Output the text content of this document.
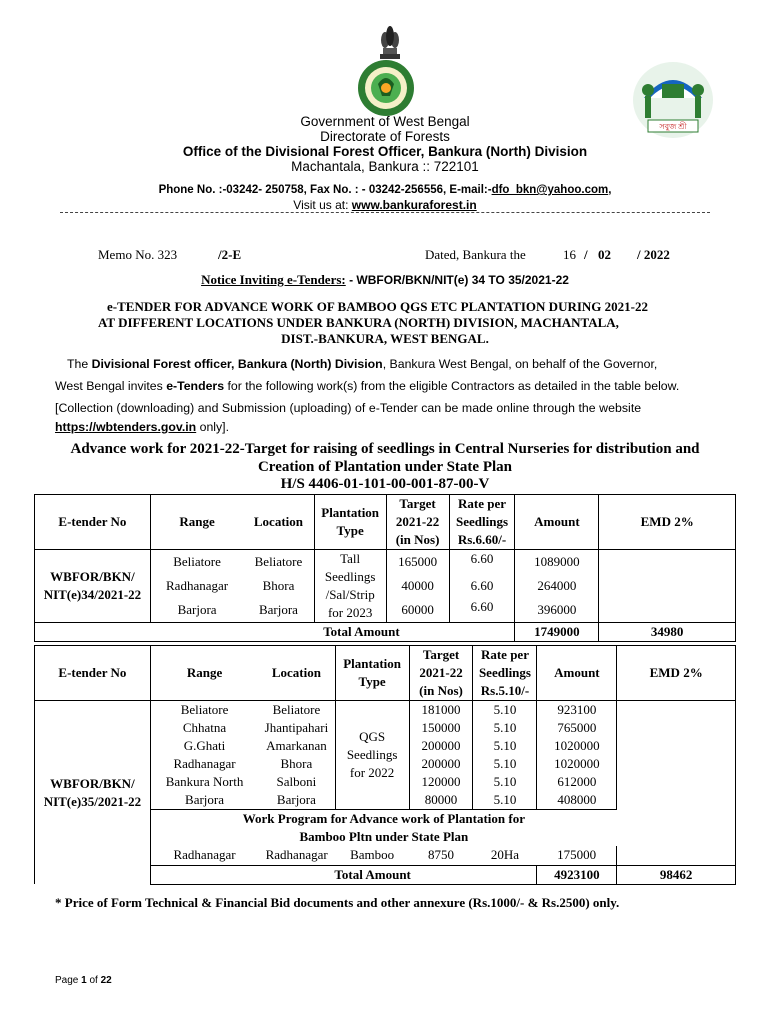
সবুজ শ্রী
Government of West Bengal
Directorate of Forests
Office of the Divisional Forest Officer, Bankura (North) Division
Machantala, Bankura :: 722101
Phone No. :-03242- 250758, Fax No. : - 03242-256556, E-mail:-dfo_bkn@yahoo.com,
Visit us at: www.bankuraforest.in
Memo No. 323	/2-E	Dated, Bankura the	16 / 02 / 2022
Notice Inviting e-Tenders: - WBFOR/BKN/NIT(e) 34 TO 35/2021-22
e-TENDER FOR ADVANCE WORK OF BAMBOO QGS ETC PLANTATION DURING 2021-22
AT DIFFERENT LOCATIONS UNDER BANKURA (NORTH) DIVISION, MACHANTALA,
DIST.-BANKURA, WEST BENGAL.
The Divisional Forest officer, Bankura (North) Division, Bankura West Bengal, on behalf of the Governor,
West Bengal invites e-Tenders for the following work(s) from the eligible Contractors as detailed in the table below.
[Collection (downloading) and Submission (uploading) of e-Tender can be made online through the website
https://wbtenders.gov.in only].
Advance work for 2021-22-Target for raising of seedlings in Central Nurseries for distribution and
Creation of Plantation under State Plan
H/S 4406-01-101-00-001-87-00-V
E-tender No	Range	Location	Plantation Type	Target 2021-22 (in Nos)	Rate per Seedlings Rs.6.60/-	Amount	EMD 2%
WBFOR/BKN/ NIT(e)34/2021-22	Beliatore	Beliatore	Tall Seedlings /Sal/Strip for 2023	165000	6.60	1089000	
	Radhanagar	Bhora		40000	6.60	264000	
	Barjora	Barjora		60000	6.60	396000	
	Total Amount					1749000	34980
E-tender No	Range	Location	Plantation Type	Target 2021-22 (in Nos)	Rate per Seedlings Rs.5.10/-	Amount	EMD 2%
WBFOR/BKN/ NIT(e)35/2021-22	Beliatore	Beliatore	QGS Seedlings for 2022	181000	5.10	923100	
	Chhatna	Jhantipahari		150000	5.10	765000	
	G.Ghati	Amarkanan		200000	5.10	1020000	
	Radhanagar	Bhora		200000	5.10	1020000	
	Bankura North	Salboni		120000	5.10	612000	
	Barjora	Barjora		80000	5.10	408000	
	Work Program for Advance work of Plantation for Bamboo Pltn under State Plan						
	Radhanagar	Radhanagar	Bamboo	8750	20Ha	175000	

	Total Amount					4923100	98462
* Price of Form Technical & Financial Bid documents and other annexure (Rs.1000/- & Rs.2500) only.
Page 1 of 22
